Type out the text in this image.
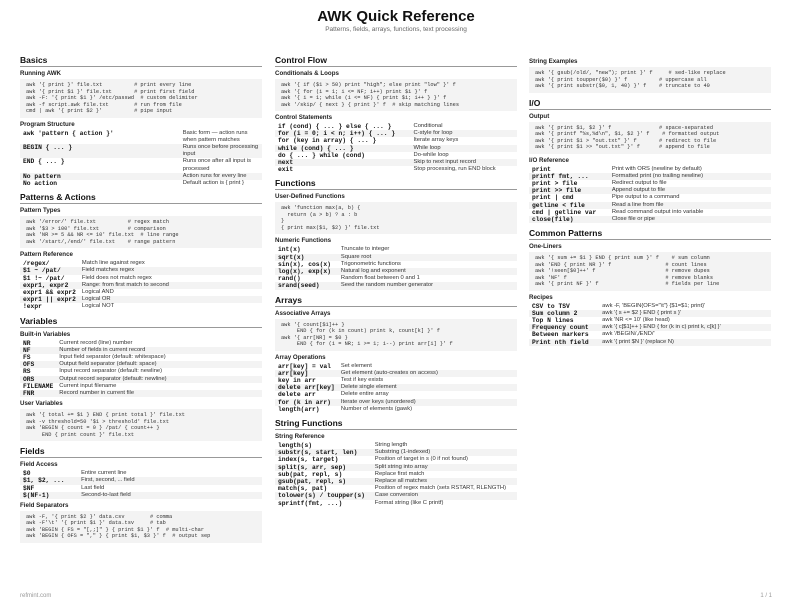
AWK Quick Reference
Patterns, fields, arrays, functions, text processing
Basics
Running AWK
awk '{ print }' file.txt          # print every line
awk '{ print $1 }' file.txt       # print first field
awk -F: '{ print $1 }' /etc/passwd  # custom delimiter
awk -f script.awk file.txt        # run from file
cmd | awk '{ print $2 }'          # pipe input
Program Structure
awk 'pattern { action }'	Basic form — action runs when pattern matches
BEGIN { ... }	Runs once before processing input
END { ... }	Runs once after all input is processed
No pattern	Action runs for every line
No action	Default action is { print }
Patterns & Actions
Pattern Types
awk '/error/' file.txt          # regex match
awk '$3 > 100' file.txt         # comparison
awk 'NR >= 5 && NR <= 10' file.txt  # line range
awk '/start/,/end/' file.txt    # range pattern
Pattern Reference
/regex/	Match line against regex
$1 ~ /pat/	Field matches regex
$1 !~ /pat/	Field does not match regex
expr1, expr2	Range: from first match to second
expr1 && expr2	Logical AND
expr1 || expr2	Logical OR
!expr	Logical NOT
Variables
Built-in Variables
NR	Current record (line) number
NF	Number of fields in current record
FS	Input field separator (default: whitespace)
OFS	Output field separator (default: space)
RS	Input record separator (default: newline)
ORS	Output record separator (default: newline)
FILENAME	Current input filename
FNR	Record number in current file
User Variables
awk '{ total += $1 } END { print total }' file.txt
awk -v threshold=50 '$1 > threshold' file.txt
awk 'BEGIN { count = 0 } /pat/ { count++ }
END { print count }' file.txt
Fields
Field Access
$0	Entire current line
$1, $2, ...	First, second, ... field
$NF	Last field
$(NF-1)	Second-to-last field
Field Separators
awk -F, '{ print $2 }' data.csv        # comma
awk -F'\t' '{ print $1 }' data.tsv     # tab
awk 'BEGIN { FS = "[,;]" } { print $1 }' f  # multi-char
awk 'BEGIN { OFS = "," } { print $1, $3 }' f  # output sep
Control Flow
Conditionals & Loops
awk '{ if ($1 > 50) print "high"; else print "low" }' f
awk '{ for (i = 1; i <= NF; i++) print $i }' f
awk '{ i = 1; while (i <= NF) { print $i; i++ } }' f
awk '/skip/ { next } { print }' f  # skip matching lines
Control Statements
if (cond) { ... } else { ... }	Conditional
for (i = 0; i < n; i++) { ... }	C-style for loop
for (key in array) { ... }	Iterate array keys
while (cond) { ... }	While loop
do { ... } while (cond)	Do-while loop
next	Skip to next input record
exit	Stop processing, run END block
Functions
User-Defined Functions
awk 'function max(a, b) {
return (a > b) ? a : b
}
{ print max($1, $2) }' file.txt
Numeric Functions
int(x)	Truncate to integer
sqrt(x)	Square root
sin(x), cos(x)	Trigonometric functions
log(x), exp(x)	Natural log and exponent
rand()	Random float between 0 and 1
srand(seed)	Seed the random number generator
Arrays
Associative Arrays
awk '{ count[$1]++ }
END { for (k in count) print k, count[k] }' f
awk '{ arr[NR] = $0 }
END { for (i = NR; i >= 1; i--) print arr[i] }' f
Array Operations
arr[key] = val	Set element
arr[key]	Get element (auto-creates on access)
key in arr	Test if key exists
delete arr[key]	Delete single element
delete arr	Delete entire array
for (k in arr)	Iterate over keys (unordered)
length(arr)	Number of elements (gawk)
String Functions
String Reference
length(s)	String length
substr(s, start, len)	Substring (1-indexed)
index(s, target)	Position of target in s (0 if not found)
split(s, arr, sep)	Split string into array
sub(pat, repl, s)	Replace first match
gsub(pat, repl, s)	Replace all matches
match(s, pat)	Position of regex match (sets RSTART, RLENGTH)
tolower(s) / toupper(s)	Case conversion
sprintf(fmt, ...)	Format string (like C printf)
String Examples
awk '{ gsub(/old/, "new"); print }' f     # sed-like replace
awk '{ print toupper($0) }' f          # uppercase all
awk '{ print substr($0, 1, 40) }' f    # truncate to 40
I/O
Output
awk '{ print $1, $2 }' f               # space-separated
awk '{ printf "%s,%d\n", $1, $2 }' f    # formatted output
awk '{ print $1 > "out.txt" }' f       # redirect to file
awk '{ print $1 >> "out.txt" }' f      # append to file
I/O Reference
print	Print with ORS (newline by default)
printf fmt, ...	Formatted print (no trailing newline)
print > file	Redirect output to file
print >> file	Append output to file
print | cmd	Pipe output to a command
getline < file	Read a line from file
cmd | getline var	Read command output into variable
close(file)	Close file or pipe
Common Patterns
One-Liners
awk '{ sum += $1 } END { print sum }' f    # sum column
awk 'END { print NR }' f                 # count lines
awk '!seen[$0]++' f                      # remove dupes
awk 'NF' f                               # remove blanks
awk '{ print NF }' f                     # fields per line
Recipes
CSV to TSV	awk -F, 'BEGIN{OFS="\t"} {$1=$1; print}'
Sum column 2	awk '{ s += $2 } END { print s }'
Top N lines	awk 'NR <= 10' (like head)
Frequency count	awk '{ c[$1]++ } END { for (k in c) print k, c[k] }'
Between markers	awk '/BEGIN/,/END/'
Print nth field	awk '{ print $N }' (replace N)
refmint.com	1 / 1
